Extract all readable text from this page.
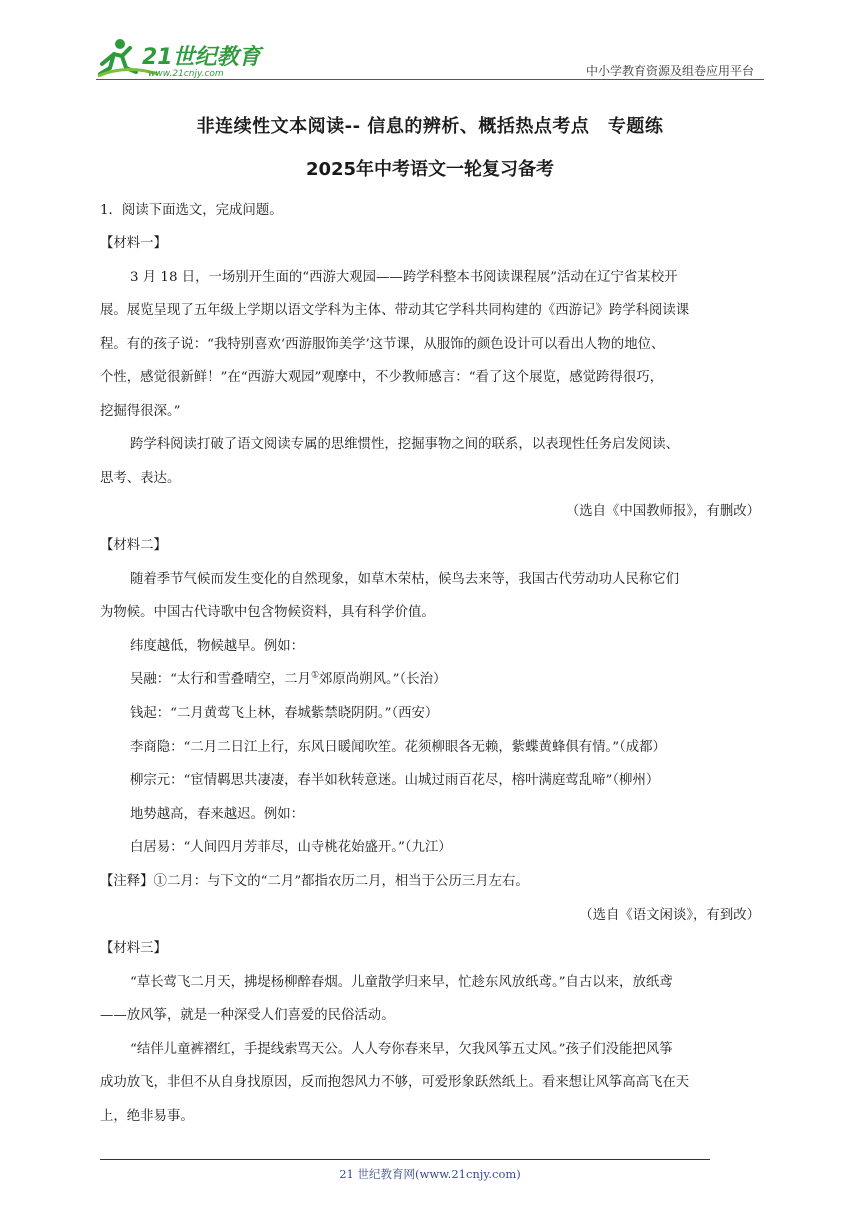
21世纪教育
www.21cnjy.com	中小学教育资源及组卷应用平台
非连续性文本阅读-- 信息的辨析、概括热点考点　专题练
2025年中考语文一轮复习备考
1．阅读下面选文，完成问题。
【材料一】
3 月 18 日，一场别开生面的“西游大观园——跨学科整本书阅读课程展”活动在辽宁省某校开
展。展览呈现了五年级上学期以语文学科为主体、带动其它学科共同构建的《西游记》跨学科阅读课
程。有的孩子说：“我特别喜欢‘西游服饰美学’这节课，从服饰的颜色设计可以看出人物的地位、
个性，感觉很新鲜！”在“西游大观园”观摩中，不少教师感言：“看了这个展览，感觉跨得很巧，
挖掘得很深。”
跨学科阅读打破了语文阅读专属的思维惯性，挖掘事物之间的联系，以表现性任务启发阅读、
思考、表达。
（选自《中国教师报》，有删改）
【材料二】
随着季节气候而发生变化的自然现象，如草木荣枯，候鸟去来等，我国古代劳动功人民称它们
为物候。中国古代诗歌中包含物候资料，具有科学价值。
纬度越低，物候越早。例如：
吴融：“太行和雪叠晴空，二月①郊原尚朔风。”（长治）
钱起：“二月黄莺飞上林，春城紫禁晓阴阴。”（西安）
李商隐：“二月二日江上行，东风日暖闻吹笙。花须柳眼各无赖，紫蝶黄蜂俱有情。”（成都）
柳宗元：“宦情羁思共凄凄，春半如秋转意迷。山城过雨百花尽，榕叶满庭莺乱啼”（柳州）
地势越高，春来越迟。例如：
白居易：“人间四月芳菲尽，山寺桃花始盛开。”（九江）
【注释】①二月：与下文的“二月”都指农历二月，相当于公历三月左右。
（选自《语文闲谈》，有到改）
【材料三】
“草长莺飞二月天，拂堤杨柳醉春烟。儿童散学归来早，忙趁东风放纸鸢。”自古以来，放纸鸢
——放风筝，就是一种深受人们喜爱的民俗活动。
“结伴儿童裤褶红，手提线索骂天公。人人夸你春来早，欠我风筝五丈风。”孩子们没能把风筝
成功放飞，非但不从自身找原因，反而抱怨风力不够，可爱形象跃然纸上。看来想让风筝高高飞在天
上，绝非易事。
21 世纪教育网(www.21cnjy.com)
